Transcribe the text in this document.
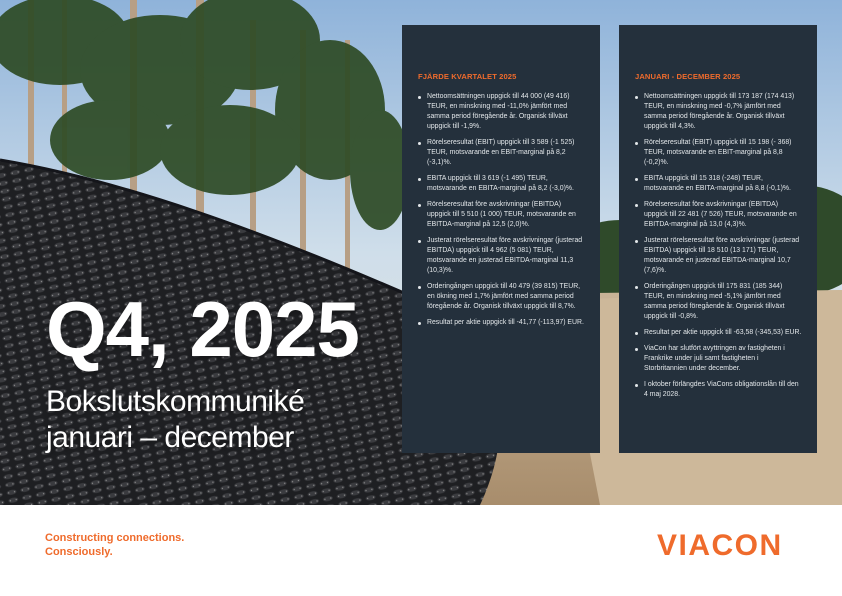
Q4, 2025
Bokslutskommuniké
januari – december
FJÄRDE KVARTALET 2025
Nettoomsättningen uppgick till 44 000 (49 416) TEUR, en minskning med -11,0% jämfört med samma period föregående år. Organisk tillväxt uppgick till -1,9%.
Rörelseresultat (EBIT) uppgick till 3 589 (-1 525) TEUR, motsvarande en EBIT-marginal på 8,2 (-3,1)%.
EBITA uppgick till 3 619 (-1 495) TEUR, motsvarande en EBITA-marginal på 8,2 (-3,0)%.
Rörelseresultat före avskrivningar (EBITDA) uppgick till 5 510 (1 000) TEUR, motsvarande en EBITDA-marginal på 12,5 (2,0)%.
Justerat rörelseresultat före avskrivningar (justerad EBITDA) uppgick till 4 962 (5 081) TEUR, motsvarande en justerad EBITDA-marginal 11,3 (10,3)%.
Orderingången uppgick till 40 479 (39 815) TEUR, en ökning med 1,7% jämfört med samma period föregående år. Organisk tillväxt uppgick till 8,7%.
Resultat per aktie uppgick till -41,77 (-113,97) EUR.
JANUARI - DECEMBER 2025
Nettoomsättningen uppgick till 173 187 (174 413) TEUR, en minskning med -0,7% jämfört med samma period föregående år. Organisk tillväxt uppgick till 4,3%.
Rörelseresultat (EBIT) uppgick till 15 198 (- 368) TEUR, motsvarande en EBIT-marginal på 8,8 (-0,2)%.
EBITA uppgick till 15 318 (-248) TEUR, motsvarande en EBITA-marginal på 8,8 (-0,1)%.
Rörelseresultat före avskrivningar (EBITDA) uppgick till 22 481 (7 526) TEUR, motsvarande en EBITDA-marginal på 13,0 (4,3)%.
Justerat rörelseresultat före avskrivningar (justerad EBITDA) uppgick till 18 510 (13 171) TEUR, motsvarande en justerad EBITDA-marginal 10,7 (7,6)%.
Orderingången uppgick till 175 831 (185 344) TEUR, en minskning med -5,1% jämfört med samma period föregående år. Organisk tillväxt uppgick till -0,8%.
Resultat per aktie uppgick till -63,58 (-345,53) EUR.
ViaCon har slutfört avyttringen av fastigheten i Frankrike under juli samt fastigheten i Storbritannien under december.
I oktober förlängdes ViaCons obligationslån till den 4 maj 2028.
Constructing connections.
Consciously.	VIACON
